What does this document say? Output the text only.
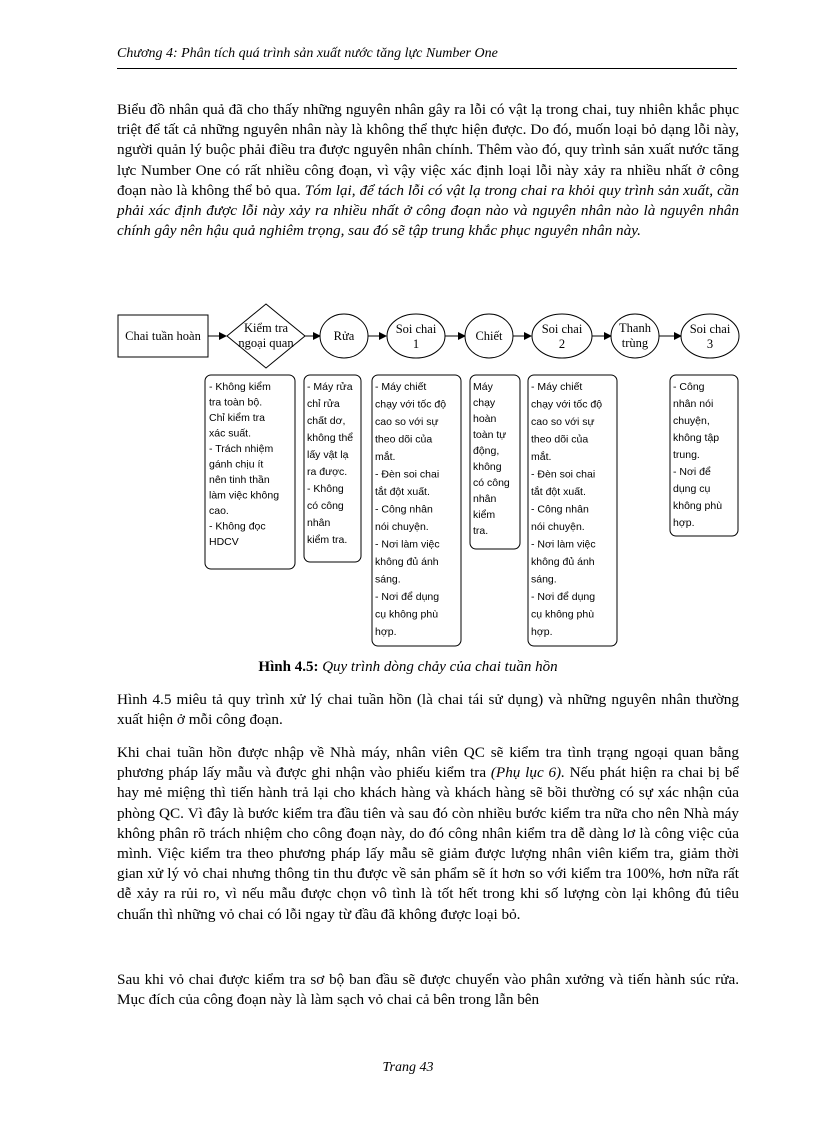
Chương 4: Phân tích quá trình sản xuất nước tăng lực Number One

Biểu đồ nhân quả đã cho thấy những nguyên nhân gây ra lỗi có vật lạ trong chai, tuy nhiên khắc phục triệt để tất cả những nguyên nhân này là không thể thực hiện được. Do đó, muốn loại bỏ dạng lỗi này, người quản lý buộc phải điều tra được nguyên nhân chính. Thêm vào đó, quy trình sản xuất nước tăng lực Number One có rất nhiều công đoạn, vì vậy việc xác định loại lỗi này xảy ra nhiều nhất ở công đoạn nào là không thể bỏ qua. Tóm lại, để tách lỗi có vật lạ trong chai ra khỏi quy trình sản xuất, cần phải xác định được lỗi này xảy ra nhiều nhất ở công đoạn nào và nguyên nhân nào là nguyên nhân chính gây nên hậu quả nghiêm trọng, sau đó sẽ tập trung khắc phục nguyên nhân này.

Chai tuần hoàn
Kiểm tra ngoại quan	Rửa	Soi chai 1
Chiết	Soi chai 2
Thanh trùng
Soi chai 3
- Không kiểm tra toàn bộ. Chỉ kiểm tra xác suất. - Trách nhiệm gánh chịu ít nên tinh thần làm việc không cao. - Không đọc HDCV
- Máy rửa chỉ rửa chất dơ, không thể lấy vật lạ ra được. - Không có công nhân kiểm tra.
- Máy chiết chạy với tốc độ cao so với sự theo dõi của mắt. - Đèn soi chai tắt đột xuất. - Công nhân nói chuyện. - Nơi làm việc không đủ ánh sáng. - Nơi để dụng cụ không phù hợp.
Máy chạy hoàn toàn tự động, không có công nhân kiểm tra.
- Máy chiết chạy với tốc độ cao so với sự theo dõi của mắt. - Đèn soi chai tắt đột xuất. - Công nhân nói chuyện. - Nơi làm việc không đủ ánh sáng. - Nơi để dụng cụ không phù hợp.
- Công nhân nói chuyện, không tập trung. - Nơi để dụng cụ không phù hợp.
Hình 4.5: Quy trình dòng chảy của chai tuần hồn

Hình 4.5 miêu tả quy trình xử lý chai tuần hồn (là chai tái sử dụng) và những nguyên nhân thường xuất hiện ở mỗi công đoạn.

Khi chai tuần hồn được nhập về Nhà máy, nhân viên QC sẽ kiểm tra tình trạng ngoại quan bằng phương pháp lấy mẫu và được ghi nhận vào phiếu kiểm tra (Phụ lục 6). Nếu phát hiện ra chai bị bể hay mẻ miệng thì tiến hành trả lại cho khách hàng và khách hàng sẽ bồi thường có sự xác nhận của phòng QC. Vì đây là bước kiểm tra đầu tiên và sau đó còn nhiều bước kiểm tra nữa cho nên Nhà máy không phân rõ trách nhiệm cho công đoạn này, do đó công nhân kiểm tra dễ dàng lơ là công việc của mình. Việc kiểm tra theo phương pháp lấy mẫu sẽ giảm được lượng nhân viên kiểm tra, giảm thời gian xử lý vỏ chai nhưng thông tin thu được về sản phẩm sẽ ít hơn so với kiểm tra 100%, hơn nữa rất dễ xảy ra rủi ro, vì nếu mẫu được chọn vô tình là tốt hết trong khi số lượng còn lại không đủ tiêu chuẩn thì những vỏ chai có lỗi ngay từ đầu đã không được loại bỏ.

Sau khi vỏ chai được kiểm tra sơ bộ ban đầu sẽ được chuyển vào phân xưởng và tiến hành súc rửa. Mục đích của công đoạn này là làm sạch vỏ chai cả bên trong lẫn bên

Trang 43
